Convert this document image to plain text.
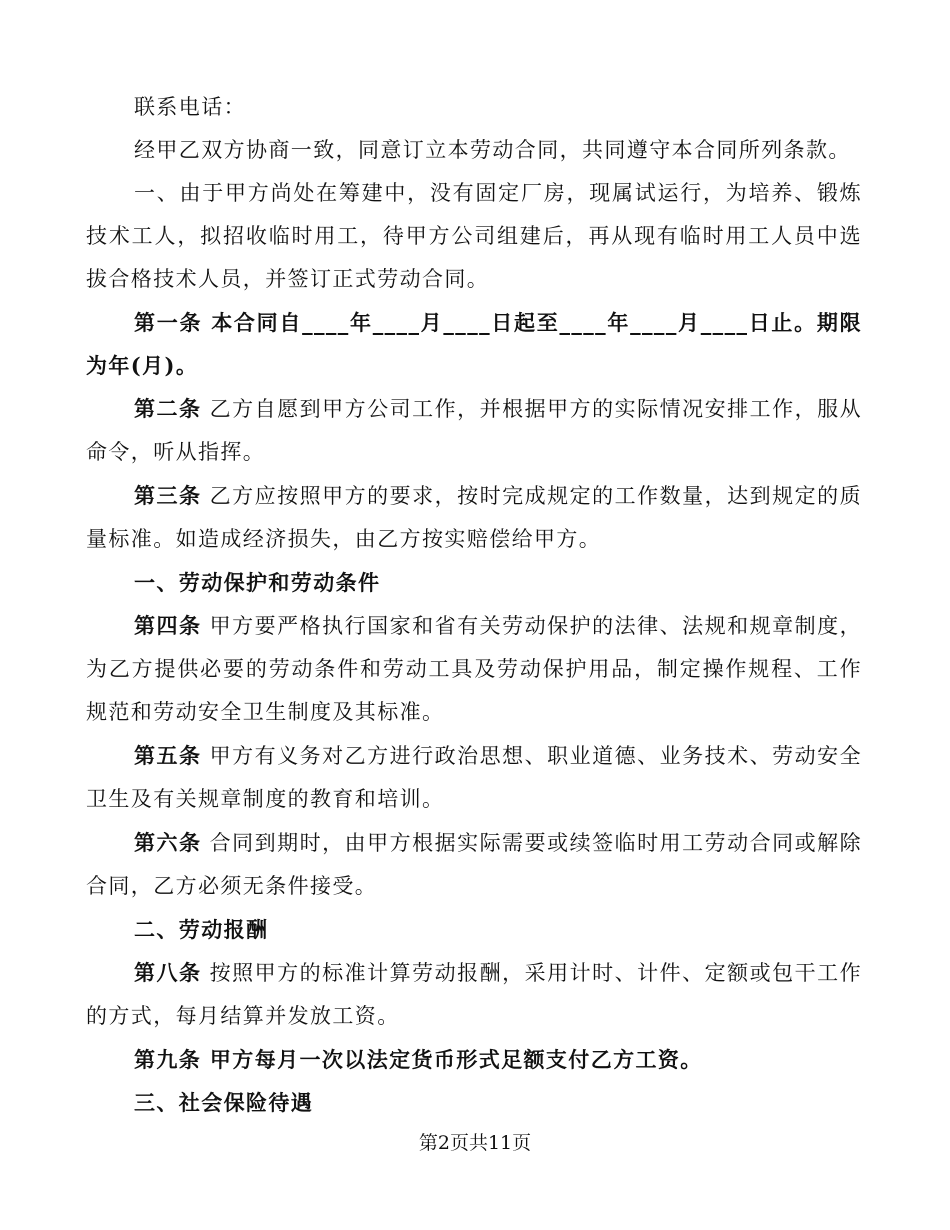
联系电话：

经甲乙双方协商一致，同意订立本劳动合同，共同遵守本合同所列条款。

一、由于甲方尚处在筹建中，没有固定厂房，现属试运行，为培养、锻炼技术工人，拟招收临时用工，待甲方公司组建后，再从现有临时用工人员中选拔合格技术人员，并签订正式劳动合同。

第一条 本合同自____年____月____日起至____年____月____日止。期限为年(月)。

第二条 乙方自愿到甲方公司工作，并根据甲方的实际情况安排工作，服从命令，听从指挥。

第三条 乙方应按照甲方的要求，按时完成规定的工作数量，达到规定的质量标准。如造成经济损失，由乙方按实赔偿给甲方。

一、劳动保护和劳动条件

第四条 甲方要严格执行国家和省有关劳动保护的法律、法规和规章制度，为乙方提供必要的劳动条件和劳动工具及劳动保护用品，制定操作规程、工作规范和劳动安全卫生制度及其标准。

第五条 甲方有义务对乙方进行政治思想、职业道德、业务技术、劳动安全卫生及有关规章制度的教育和培训。

第六条 合同到期时，由甲方根据实际需要或续签临时用工劳动合同或解除合同，乙方必须无条件接受。

二、劳动报酬

第八条 按照甲方的标准计算劳动报酬，采用计时、计件、定额或包干工作的方式，每月结算并发放工资。

第九条 甲方每月一次以法定货币形式足额支付乙方工资。

三、社会保险待遇

第2页共11页
